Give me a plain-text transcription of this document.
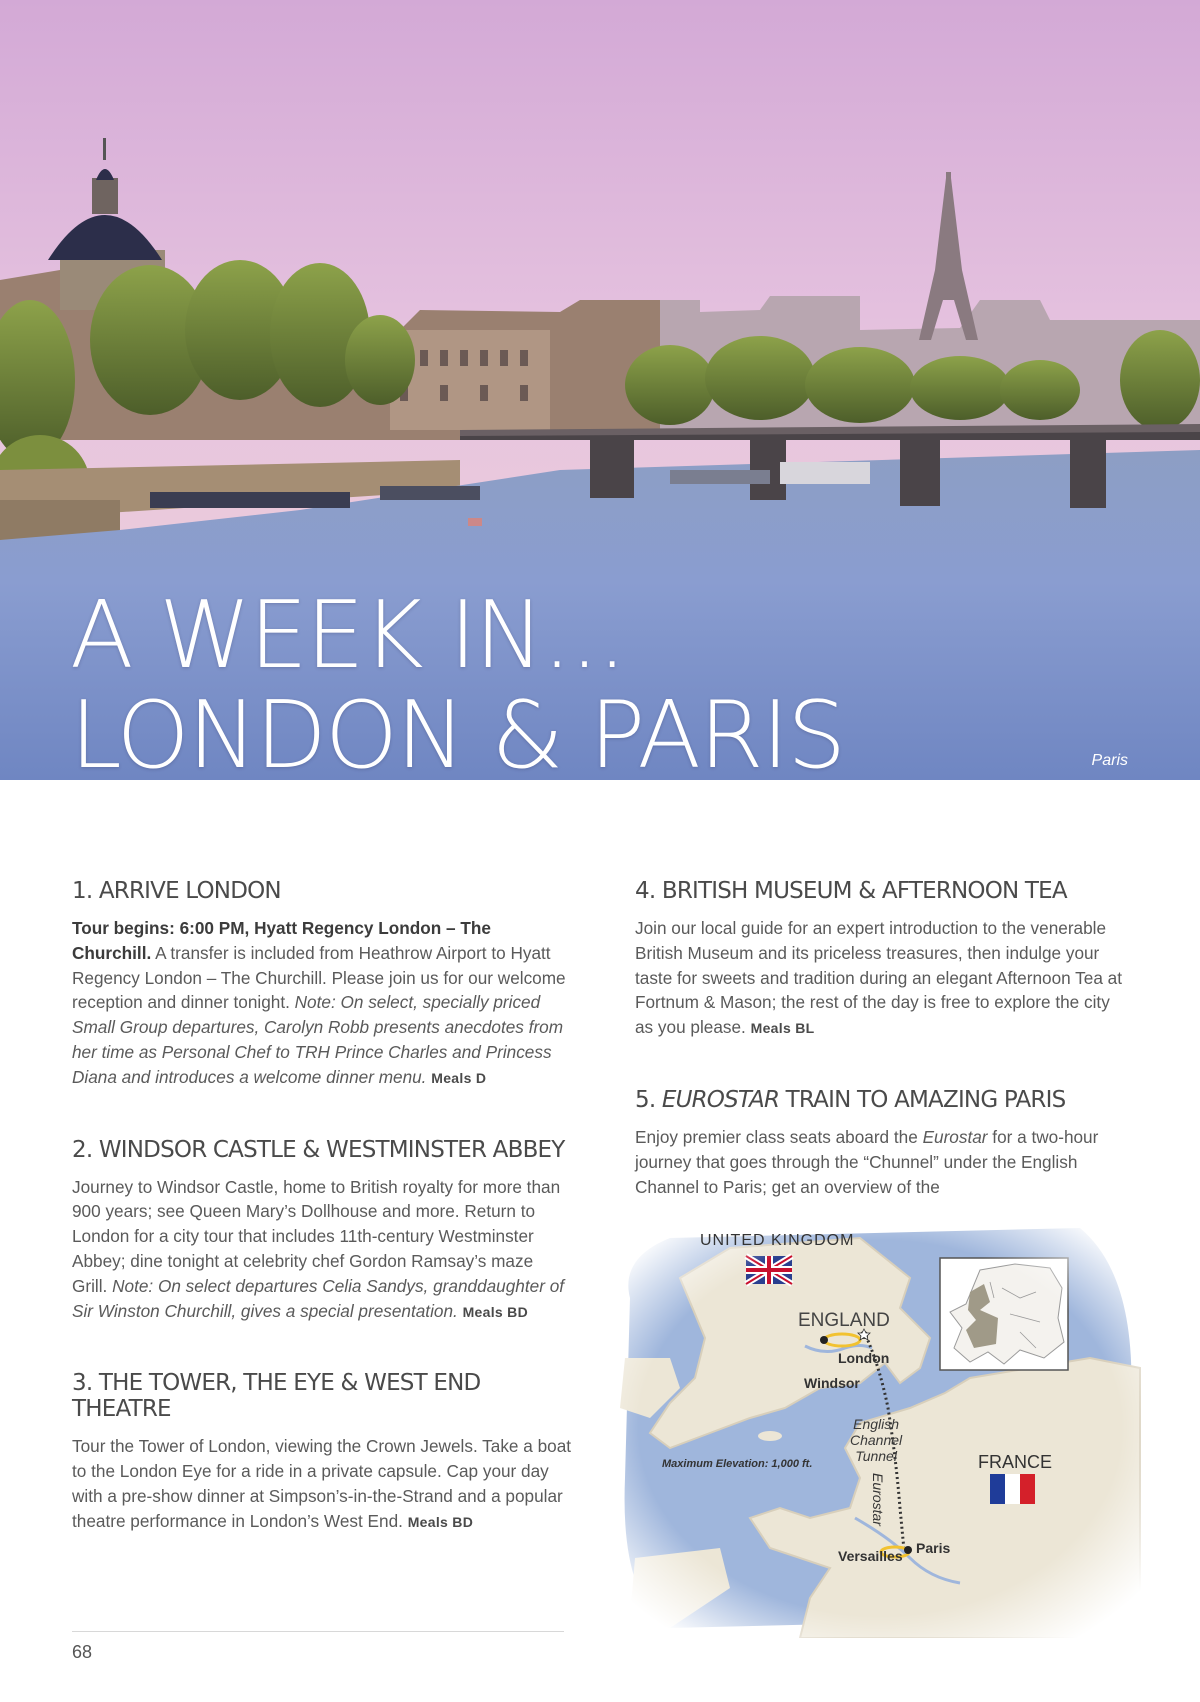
A WEEK IN...
LONDON & PARIS	Paris
1. ARRIVE LONDON

Tour begins: 6:00 PM, Hyatt Regency London – The Churchill. A transfer is included from Heathrow Airport to Hyatt Regency London – The Churchill. Please join us for our welcome reception and dinner tonight. Note: On select, specially priced Small Group departures, Carolyn Robb presents anecdotes from her time as Personal Chef to TRH Prince Charles and Princess Diana and introduces a welcome dinner menu. Meals D

2. WINDSOR CASTLE & WESTMINSTER ABBEY

Journey to Windsor Castle, home to British royalty for more than 900 years; see Queen Mary’s Dollhouse and more. Return to London for a city tour that includes 11th-century Westminster Abbey; dine tonight at celebrity chef Gordon Ramsay’s maze Grill. Note: On select departures Celia Sandys, granddaughter of Sir Winston Churchill, gives a special presentation. Meals BD

3. THE TOWER, THE EYE & WEST END THEATRE

Tour the Tower of London, viewing the Crown Jewels. Take a boat to the London Eye for a ride in a private capsule. Cap your day with a pre-show dinner at Simpson’s-in-the-Strand and a popular theatre performance in London’s West End. Meals BD

4. BRITISH MUSEUM & AFTERNOON TEA

Join our local guide for an expert introduction to the venerable British Museum and its priceless treasures, then indulge your taste for sweets and tradition during an elegant Afternoon Tea at Fortnum & Mason; the rest of the day is free to explore the city as you please. Meals BL

5. EUROSTAR TRAIN TO AMAZING PARIS

Enjoy premier class seats aboard the Eurostar for a two-hour journey that goes through the “Chunnel” under the English Channel to Paris; get an overview of the

UNITED KINGDOM
ENGLAND
London
Windsor
English
Channel
Tunnel
Eurostar
FRANCE
Maximum Elevation: 1,000 ft.
Paris
Versailles
68
